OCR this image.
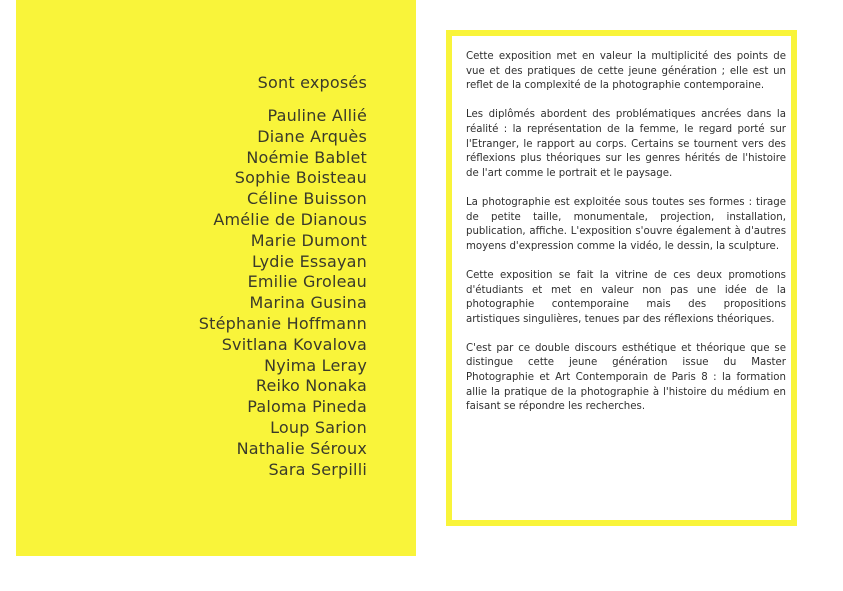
Sont exposés
Pauline Allié
Diane Arquès
Noémie Bablet
Sophie Boisteau
Céline Buisson
Amélie de Dianous
Marie Dumont
Lydie Essayan
Emilie Groleau
Marina Gusina
Stéphanie Hoffmann
Svitlana Kovalova
Nyima Leray
Reiko Nonaka
Paloma Pineda
Loup Sarion
Nathalie Séroux
Sara Serpilli

Cette exposition met en valeur la multiplicité des points de vue et des pratiques de cette jeune génération ; elle est un reflet de la complexité de la photographie contemporaine.

Les diplômés abordent des problématiques ancrées dans la réalité : la représentation de la femme, le regard porté sur l'Etranger, le rapport au corps. Certains se tournent vers des réflexions plus théoriques sur les genres hérités de l'histoire de l'art comme le portrait et le paysage.

La photographie est exploitée sous toutes ses formes : tirage de petite taille, monumentale, projection, installation, publication, affiche. L'exposition s'ouvre également à d'autres moyens d'expression comme la vidéo, le dessin, la sculpture.

Cette exposition se fait la vitrine de ces deux promotions d'étudiants et met en valeur non pas une idée de la photographie contemporaine mais des propositions artistiques singulières, tenues par des réflexions théoriques.

C'est par ce double discours esthétique et théorique que se distingue cette jeune génération issue du Master Photographie et Art Contemporain de Paris 8 : la formation allie la pratique de la photographie à l'histoire du médium en faisant se répondre les recherches.
